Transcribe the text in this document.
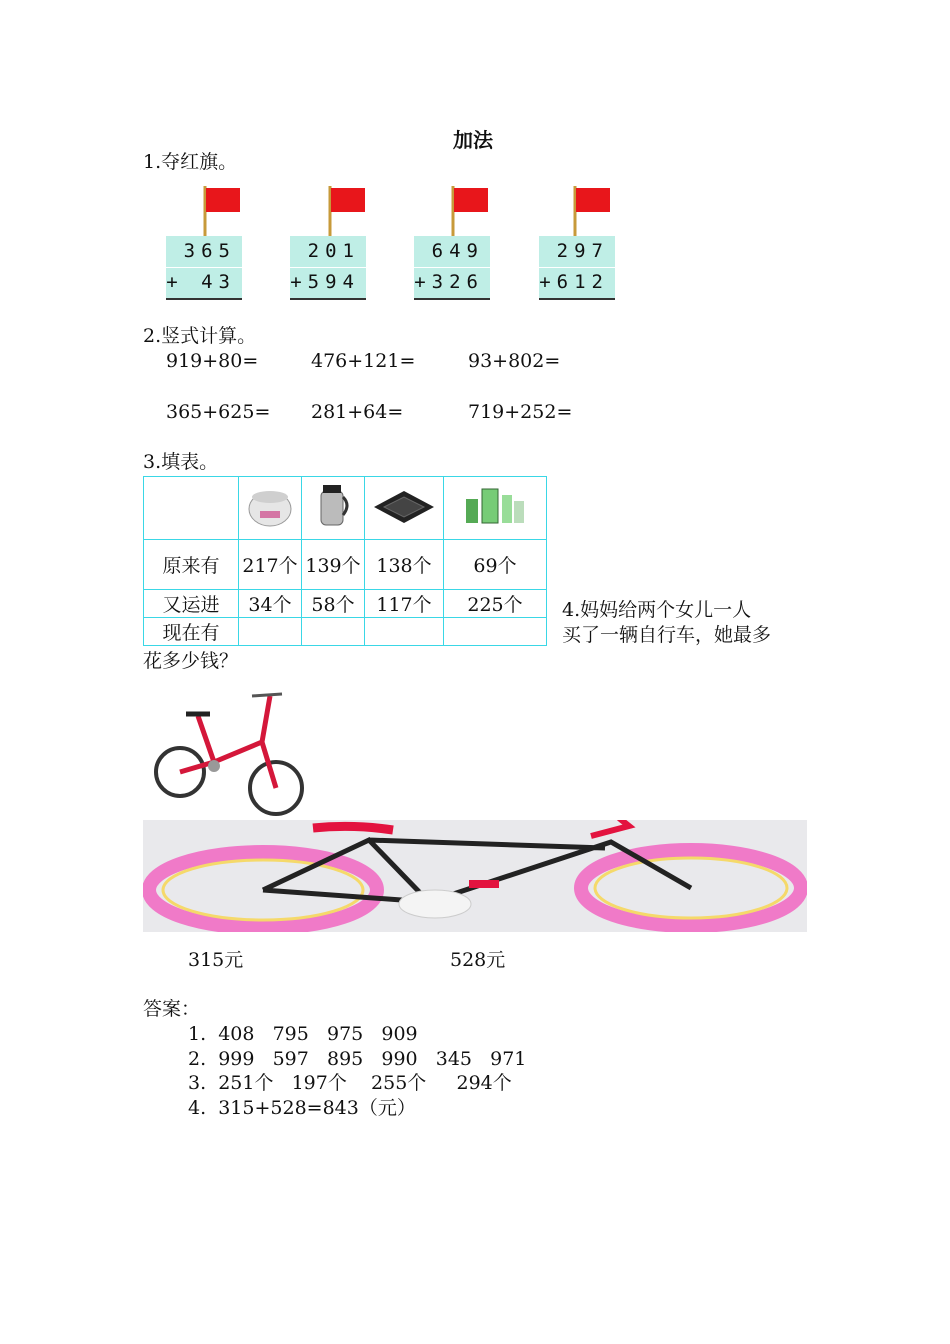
加法
1.夺红旗。
365
+ 43
201
+594
649
+326
297
+612
2.竖式计算。
919+80=	476+121=	93+802=
365+625= 281+64=	719+252=
3.填表。

原来有	217个	139个	138个	69个
又运进	34个	58个	117个	225个
现在有				
4.妈妈给两个女儿一人
买了一辆自行车，她最多
花多少钱？
315元	528元
答案：
1.  408   795   975   909
2.  999   597   895   990   345   971
3.  251个   197个    255个     294个
4.  315+528=843（元）
